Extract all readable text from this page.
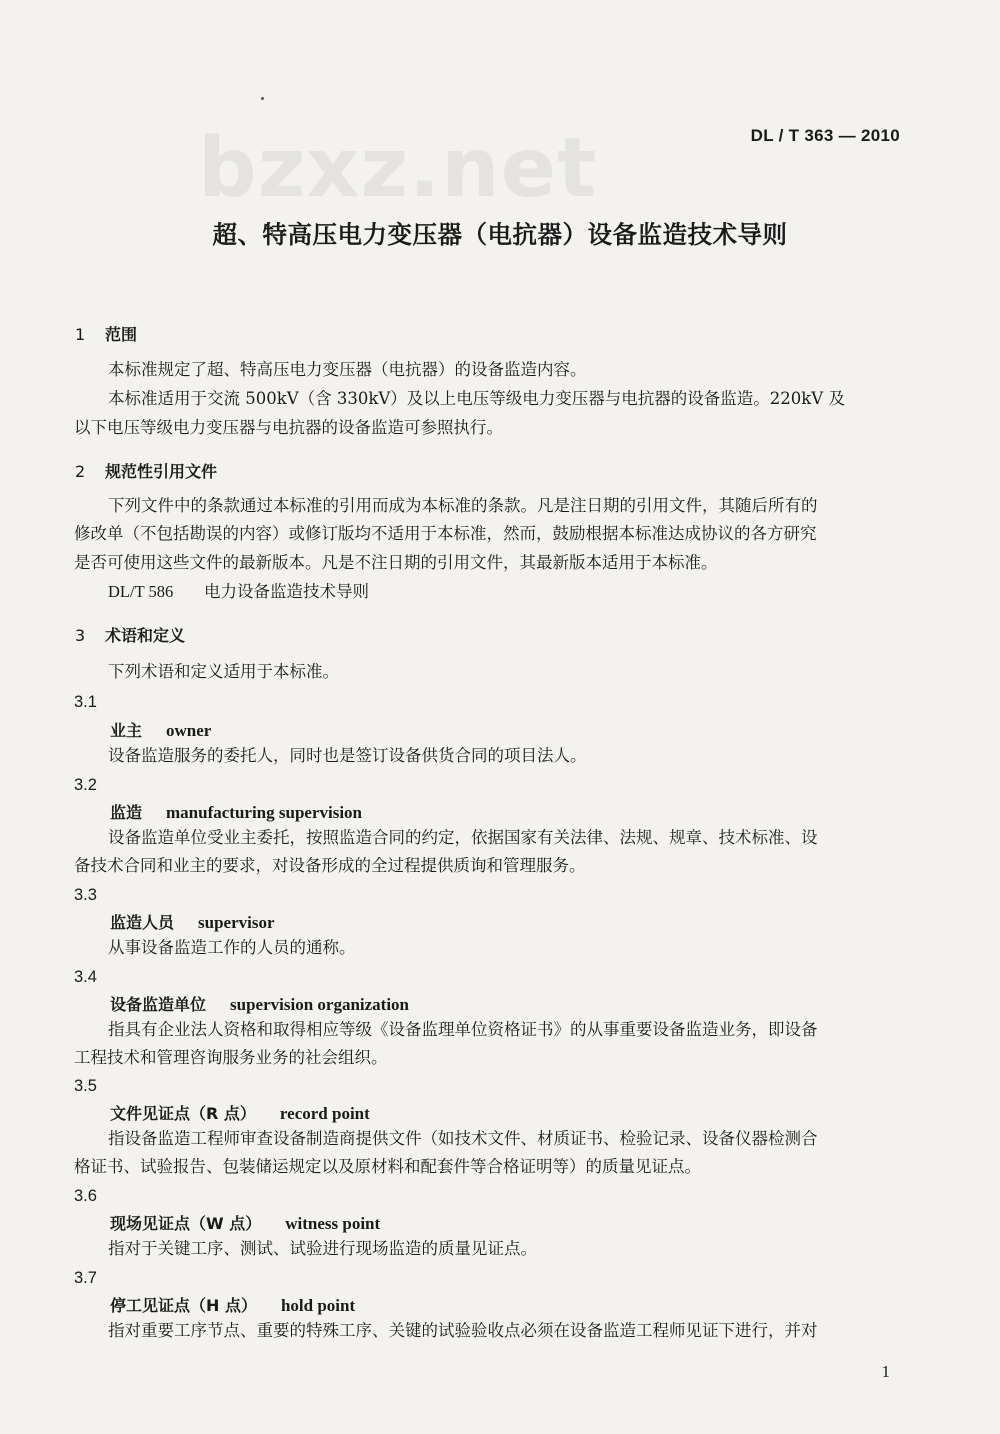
bzxz.net	DL / T 363 — 2010
超、特高压电力变压器（电抗器）设备监造技术导则
1 范围
本标准规定了超、特高压电力变压器（电抗器）的设备监造内容。
本标准适用于交流 500kV（含 330kV）及以上电压等级电力变压器与电抗器的设备监造。220kV 及
以下电压等级电力变压器与电抗器的设备监造可参照执行。
2 规范性引用文件
下列文件中的条款通过本标准的引用而成为本标准的条款。凡是注日期的引用文件，其随后所有的
修改单（不包括勘误的内容）或修订版均不适用于本标准，然而，鼓励根据本标准达成协议的各方研究
是否可使用这些文件的最新版本。凡是不注日期的引用文件，其最新版本适用于本标准。
DL/T 586 电力设备监造技术导则
3 术语和定义
下列术语和定义适用于本标准。
3.1
业主 owner
设备监造服务的委托人，同时也是签订设备供货合同的项目法人。
3.2
监造 manufacturing supervision
设备监造单位受业主委托，按照监造合同的约定，依据国家有关法律、法规、规章、技术标准、设
备技术合同和业主的要求，对设备形成的全过程提供质询和管理服务。
3.3
监造人员 supervisor
从事设备监造工作的人员的通称。
3.4
设备监造单位 supervision organization
指具有企业法人资格和取得相应等级《设备监理单位资格证书》的从事重要设备监造业务，即设备
工程技术和管理咨询服务业务的社会组织。
3.5
文件见证点（R 点） record point
指设备监造工程师审查设备制造商提供文件（如技术文件、材质证书、检验记录、设备仪器检测合
格证书、试验报告、包装储运规定以及原材料和配套件等合格证明等）的质量见证点。
3.6
现场见证点（W 点） witness point
指对于关键工序、测试、试验进行现场监造的质量见证点。
3.7
停工见证点（H 点） hold point
指对重要工序节点、重要的特殊工序、关键的试验验收点必须在设备监造工程师见证下进行，并对
1
